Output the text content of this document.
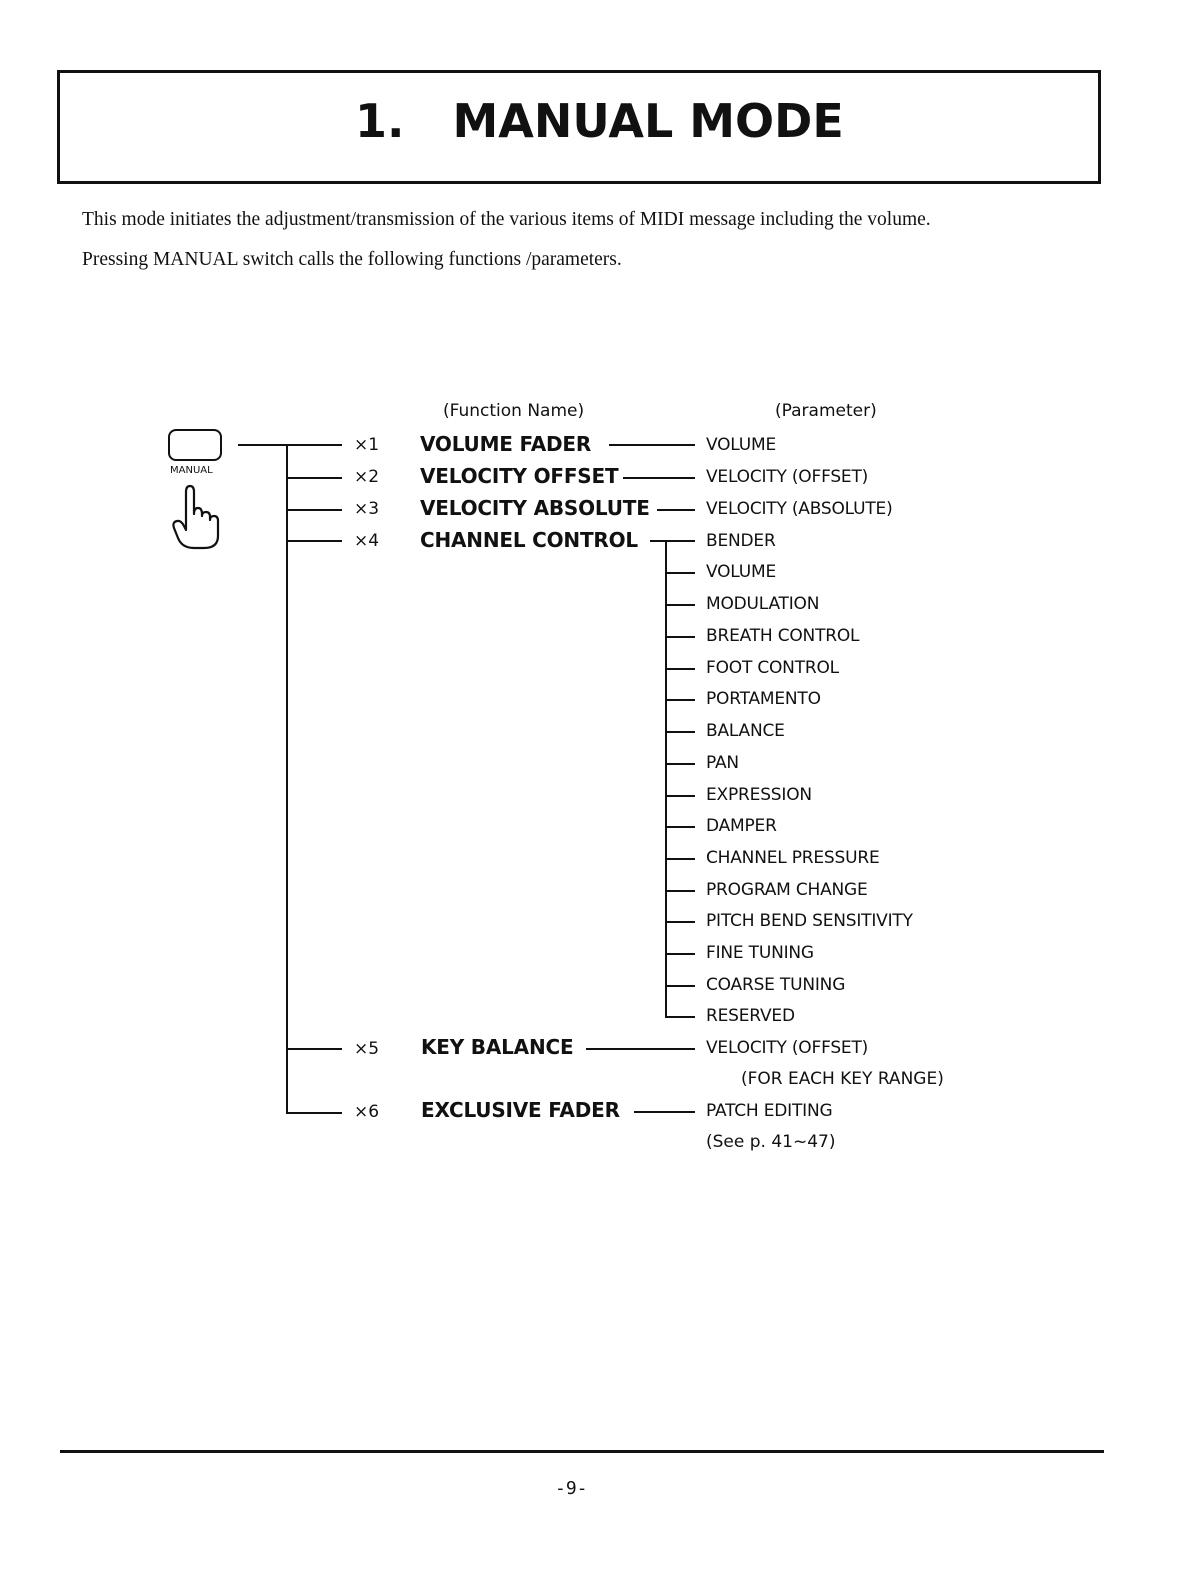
1. MANUAL MODE
This mode initiates the adjustment/transmission of the various items of MIDI message including the volume.
Pressing MANUAL switch calls the following functions /parameters.
MANUAL
(Function Name)	(Parameter)
×1 VOLUME FADER	VOLUME
×2 VELOCITY OFFSET	VELOCITY (OFFSET)
×3 VELOCITY ABSOLUTE	VELOCITY (ABSOLUTE)
×4 CHANNEL CONTROL	BENDER
VOLUME
MODULATION
BREATH CONTROL
FOOT CONTROL
PORTAMENTO
BALANCE
PAN
EXPRESSION
DAMPER
CHANNEL PRESSURE
PROGRAM CHANGE
PITCH BEND SENSITIVITY
FINE TUNING
COARSE TUNING
RESERVED
×5 KEY BALANCE	VELOCITY (OFFSET)
(FOR EACH KEY RANGE)
×6 EXCLUSIVE FADER	PATCH EDITING
(See p. 41~47)
-9-
